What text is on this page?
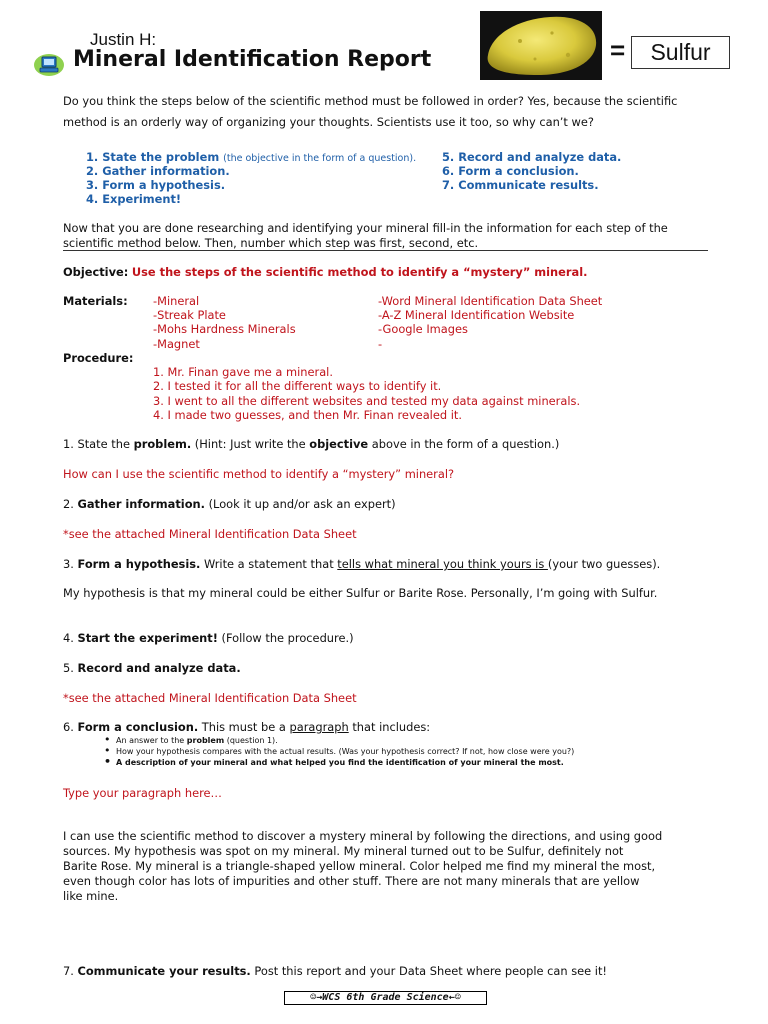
Justin H:
Mineral Identification Report	=	Sulfur
Do you think the steps below of the scientific method must be followed in order? Yes, because the scientific
method is an orderly way of organizing your thoughts. Scientists use it too, so why can’t we?
1. State the problem (the objective in the form of a question).
2. Gather information.
3. Form a hypothesis.
4. Experiment!
5. Record and analyze data.
6. Form a conclusion.
7. Communicate results.
Now that you are done researching and identifying your mineral fill-in the information for each step of the
scientific method below. Then, number which step was first, second, etc.
Objective: Use the steps of the scientific method to identify a “mystery” mineral.
Materials: -Mineral
-Streak Plate
-Mohs Hardness Minerals
-Magnet
-Word Mineral Identification Data Sheet
-A-Z Mineral Identification Website
-Google Images
-
Procedure:
1. Mr. Finan gave me a mineral.
2. I tested it for all the different ways to identify it.
3. I went to all the different websites and tested my data against minerals.
4. I made two guesses, and then Mr. Finan revealed it.
1. State the problem. (Hint: Just write the objective above in the form of a question.)
How can I use the scientific method to identify a “mystery” mineral?
2. Gather information. (Look it up and/or ask an expert)
*see the attached Mineral Identification Data Sheet
3. Form a hypothesis. Write a statement that tells what mineral you think yours is (your two guesses).
My hypothesis is that my mineral could be either Sulfur or Barite Rose. Personally, I’m going with Sulfur.
4. Start the experiment! (Follow the procedure.)
5. Record and analyze data.
*see the attached Mineral Identification Data Sheet
6. Form a conclusion. This must be a paragraph that includes:
• An answer to the problem (question 1).
• How your hypothesis compares with the actual results. (Was your hypothesis correct? If not, how close were you?)
• A description of your mineral and what helped you find the identification of your mineral the most.
Type your paragraph here…
I can use the scientific method to discover a mystery mineral by following the directions, and using good
sources. My hypothesis was spot on my mineral. My mineral turned out to be Sulfur, definitely not
Barite Rose. My mineral is a triangle-shaped yellow mineral. Color helped me find my mineral the most,
even though color has lots of impurities and other stuff. There are not many minerals that are yellow
like mine.
7. Communicate your results. Post this report and your Data Sheet where people can see it!
☺→WCS 6th Grade Science←☺
